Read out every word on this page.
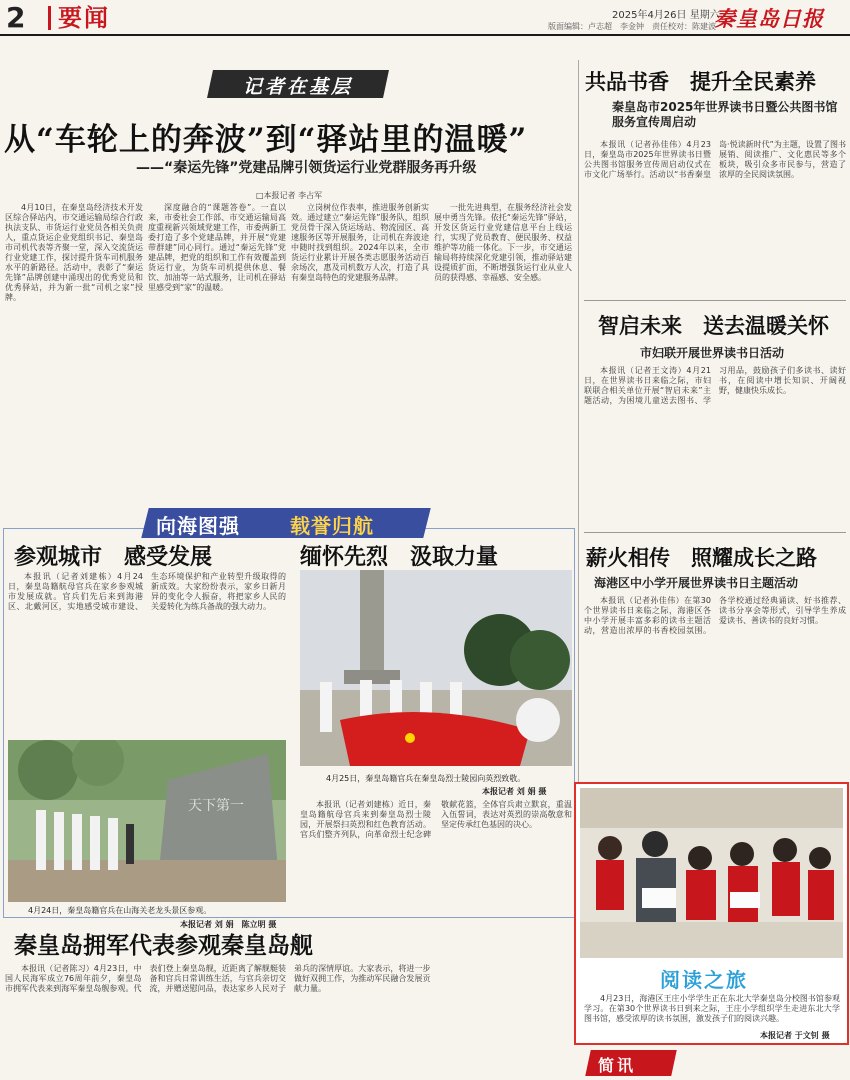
2	要闻	2025年4月26日 星期六
版面编辑：卢志超　李金钟　责任校对：陈建波
秦皇岛日报
记者在基层
从“车轮上的奔波”到“驿站里的温暖”
——“秦运先锋”党建品牌引领货运行业党群服务再升级
□本报记者 李占军

4月10日，在秦皇岛经济技术开发区综合驿站内，市交通运输局综合行政执法支队、市货运行业党员各相关负责人，重点货运企业党组织书记、秦皇岛市司机代表等齐聚一堂，深入交流货运行业党建工作，探讨提升货车司机服务水平的新路径。活动中，表彰了“秦运先锋”品牌创建中涌现出的优秀党员和优秀驿站，并为新一批“司机之家”授牌。

深度融合的“课题答卷”。一直以来，市委社会工作部、市交通运输局高度重视新兴领域党建工作，市委两新工委打造了多个党建品牌，并开展“党建带群建”同心同行。通过“秦运先锋”党建品牌，把党的组织和工作有效覆盖到货运行业，为货车司机提供休息、餐饮、加油等一站式服务，让司机在驿站里感受到“家”的温暖。

立岗树位作表率，推进服务创新实效。通过建立“秦运先锋”服务队，组织党员骨干深入货运场站、物流园区、高速服务区等开展服务，让司机在奔波途中随时找到组织。2024年以来，全市货运行业累计开展各类志愿服务活动百余场次，惠及司机数万人次，打造了具有秦皇岛特色的党建服务品牌。

一批先进典型，在服务经济社会发展中勇当先锋。依托“秦运先锋”驿站，开发区货运行业党建信息平台上线运行，实现了党员教育、便民服务、权益维护等功能一体化。下一步，市交通运输局将持续深化党建引领，推动驿站建设提质扩面，不断增强货运行业从业人员的获得感、幸福感、安全感。

向海图强	载誉归航
参观城市　感受发展

本报讯（记者刘建栋）4月24日，秦皇岛籍航母官兵在家乡参观城市发展成就。官兵们先后来到海港区、北戴河区，实地感受城市建设、生态环境保护和产业转型升级取得的新成效。大家纷纷表示，家乡日新月异的变化令人振奋，将把家乡人民的关爱转化为练兵备战的强大动力。

天下第一
4月24日，秦皇岛籍官兵在山海关老龙头景区参观。
本报记者 刘 娟　陈立明 摄
缅怀先烈　汲取力量
4月25日，秦皇岛籍官兵在秦皇岛烈士陵园向英烈致敬。
本报记者 刘 娟 摄

本报讯（记者刘建栋）近日，秦皇岛籍航母官兵来到秦皇岛烈士陵园，开展祭扫英烈和红色教育活动。官兵们整齐列队，向革命烈士纪念碑敬献花篮，全体官兵肃立默哀，重温入伍誓词，表达对英烈的崇高敬意和坚定传承红色基因的决心。

秦皇岛拥军代表参观秦皇岛舰

本报讯（记者陈习）4月23日，中国人民海军成立76周年前夕，秦皇岛市拥军代表来到海军秦皇岛舰参观。代表们登上秦皇岛舰，近距离了解舰艇装备和官兵日常训练生活，与官兵亲切交流，并赠送慰问品，表达家乡人民对子弟兵的深情厚谊。大家表示，将进一步做好双拥工作，为推动军民融合发展贡献力量。

共品书香　提升全民素养
秦皇岛市2025年世界读书日暨公共图书馆服务宣传周启动

本报讯（记者孙佳伟）4月23日，秦皇岛市2025年世界读书日暨公共图书馆服务宣传周启动仪式在市文化广场举行。活动以“书香秦皇岛·悦读新时代”为主题，设置了图书展销、阅读推广、文化惠民等多个板块，吸引众多市民参与，营造了浓厚的全民阅读氛围。

智启未来　送去温暖关怀
市妇联开展世界读书日活动

本报讯（记者王文涛）4月21日，在世界读书日来临之际，市妇联联合相关单位开展“智启未来”主题活动，为困境儿童送去图书、学习用品，鼓励孩子们多读书、读好书，在阅读中增长知识、开阔视野，健康快乐成长。

薪火相传　照耀成长之路
海港区中小学开展世界读书日主题活动

本报讯（记者孙佳伟）在第30个世界读书日来临之际，海港区各中小学开展丰富多彩的读书主题活动，营造出浓厚的书香校园氛围。各学校通过经典诵读、好书推荐、读书分享会等形式，引导学生养成爱读书、善读书的良好习惯。

阅读之旅

4月23日，海港区王庄小学学生正在东北大学秦皇岛分校图书馆参观学习。在第30个世界读书日到来之际，王庄小学组织学生走进东北大学图书馆，感受浓厚的读书氛围，激发孩子们的阅读兴趣。

本报记者 于文钊 摄
简讯
